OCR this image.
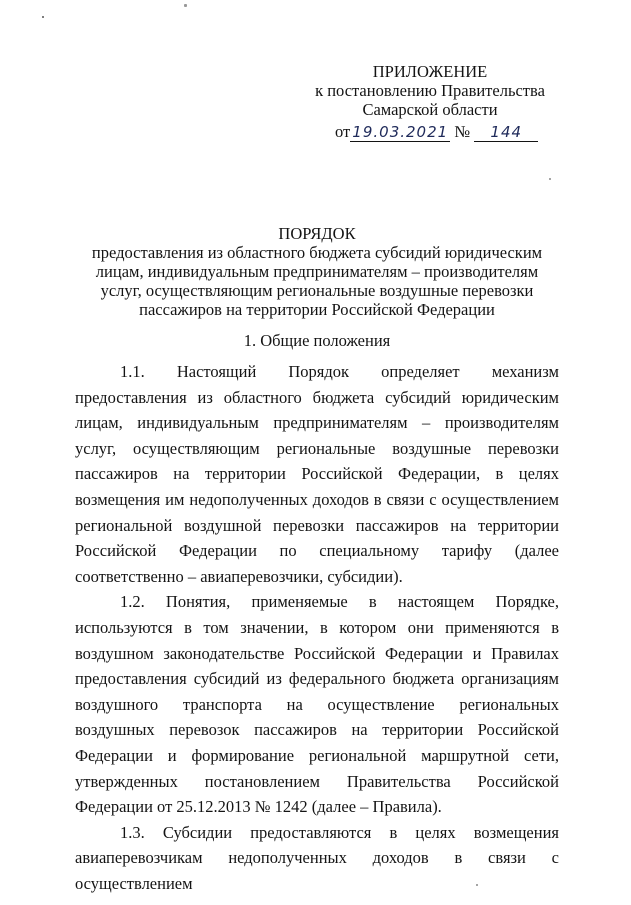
ПРИЛОЖЕНИЕ
к постановлению Правительства
Самарской области
от 19.03.2021 № 144
ПОРЯДОК
предоставления из областного бюджета субсидий юридическим лицам, индивидуальным предпринимателям – производителям услуг, осуществляющим региональные воздушные перевозки пассажиров на территории Российской Федерации
1. Общие положения

1.1. Настоящий Порядок определяет механизм предоставления из областного бюджета субсидий юридическим лицам, индивидуальным предпринимателям – производителям услуг, осуществляющим региональные воздушные перевозки пассажиров на территории Российской Федерации, в целях возмещения им недополученных доходов в связи с осуществлением региональной воздушной перевозки пассажиров на территории Российской Федерации по специальному тарифу (далее соответственно – авиаперевозчики, субсидии).

1.2. Понятия, применяемые в настоящем Порядке, используются в том значении, в котором они применяются в воздушном законодательстве Российской Федерации и Правилах предоставления субсидий из федерального бюджета организациям воздушного транспорта на осуществление региональных воздушных перевозок пассажиров на территории Российской Федерации и формирование региональной маршрутной сети, утвержденных постановлением Правительства Российской Федерации от 25.12.2013 № 1242 (далее – Правила).

1.3. Субсидии предоставляются в целях возмещения авиаперевозчикам недополученных доходов в связи с осуществлением
